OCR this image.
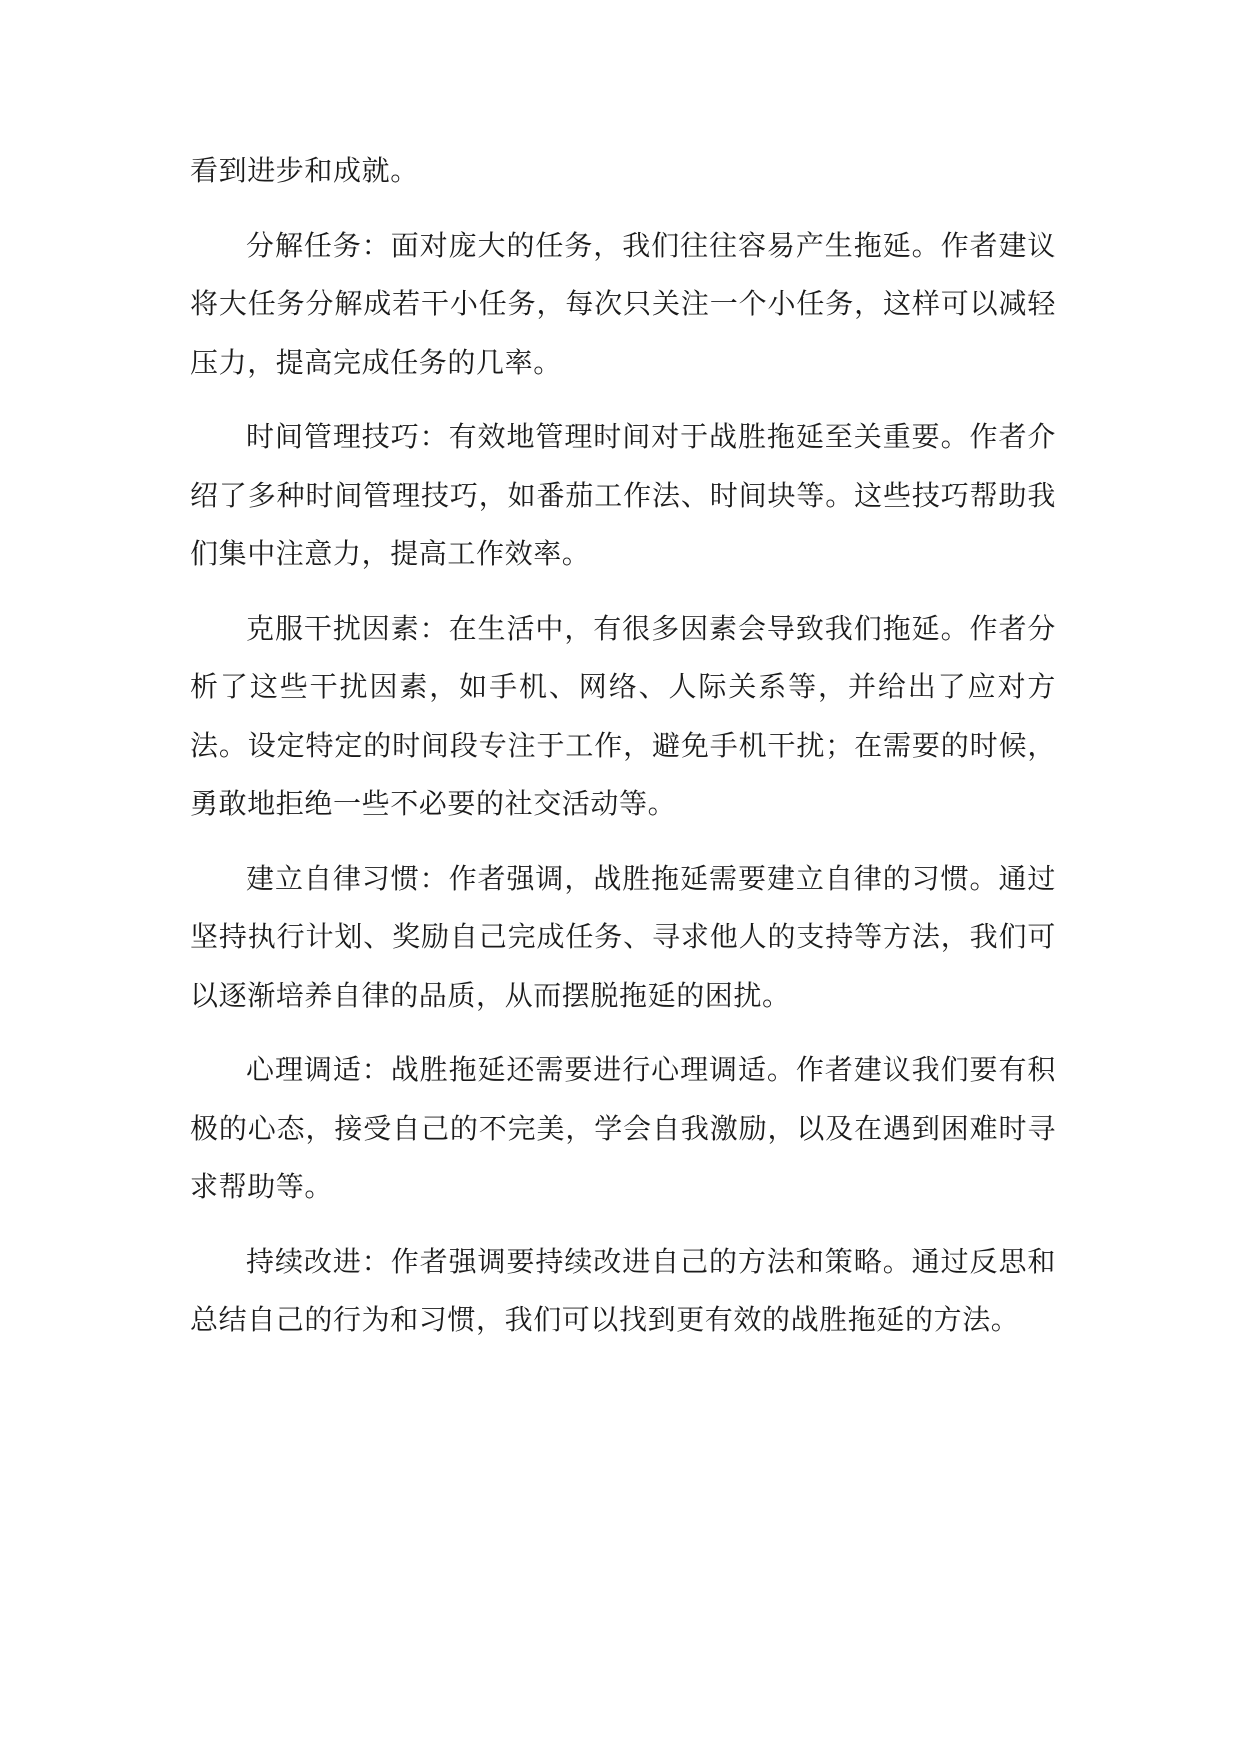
看到进步和成就。

分解任务：面对庞大的任务，我们往往容易产生拖延。作者建议将大任务分解成若干小任务，每次只关注一个小任务，这样可以减轻压力，提高完成任务的几率。

时间管理技巧：有效地管理时间对于战胜拖延至关重要。作者介绍了多种时间管理技巧，如番茄工作法、时间块等。这些技巧帮助我们集中注意力，提高工作效率。

克服干扰因素：在生活中，有很多因素会导致我们拖延。作者分析了这些干扰因素，如手机、网络、人际关系等，并给出了应对方法。设定特定的时间段专注于工作，避免手机干扰；在需要的时候，勇敢地拒绝一些不必要的社交活动等。

建立自律习惯：作者强调，战胜拖延需要建立自律的习惯。通过坚持执行计划、奖励自己完成任务、寻求他人的支持等方法，我们可以逐渐培养自律的品质，从而摆脱拖延的困扰。

心理调适：战胜拖延还需要进行心理调适。作者建议我们要有积极的心态，接受自己的不完美，学会自我激励，以及在遇到困难时寻求帮助等。

持续改进：作者强调要持续改进自己的方法和策略。通过反思和总结自己的行为和习惯，我们可以找到更有效的战胜拖延的方法。
